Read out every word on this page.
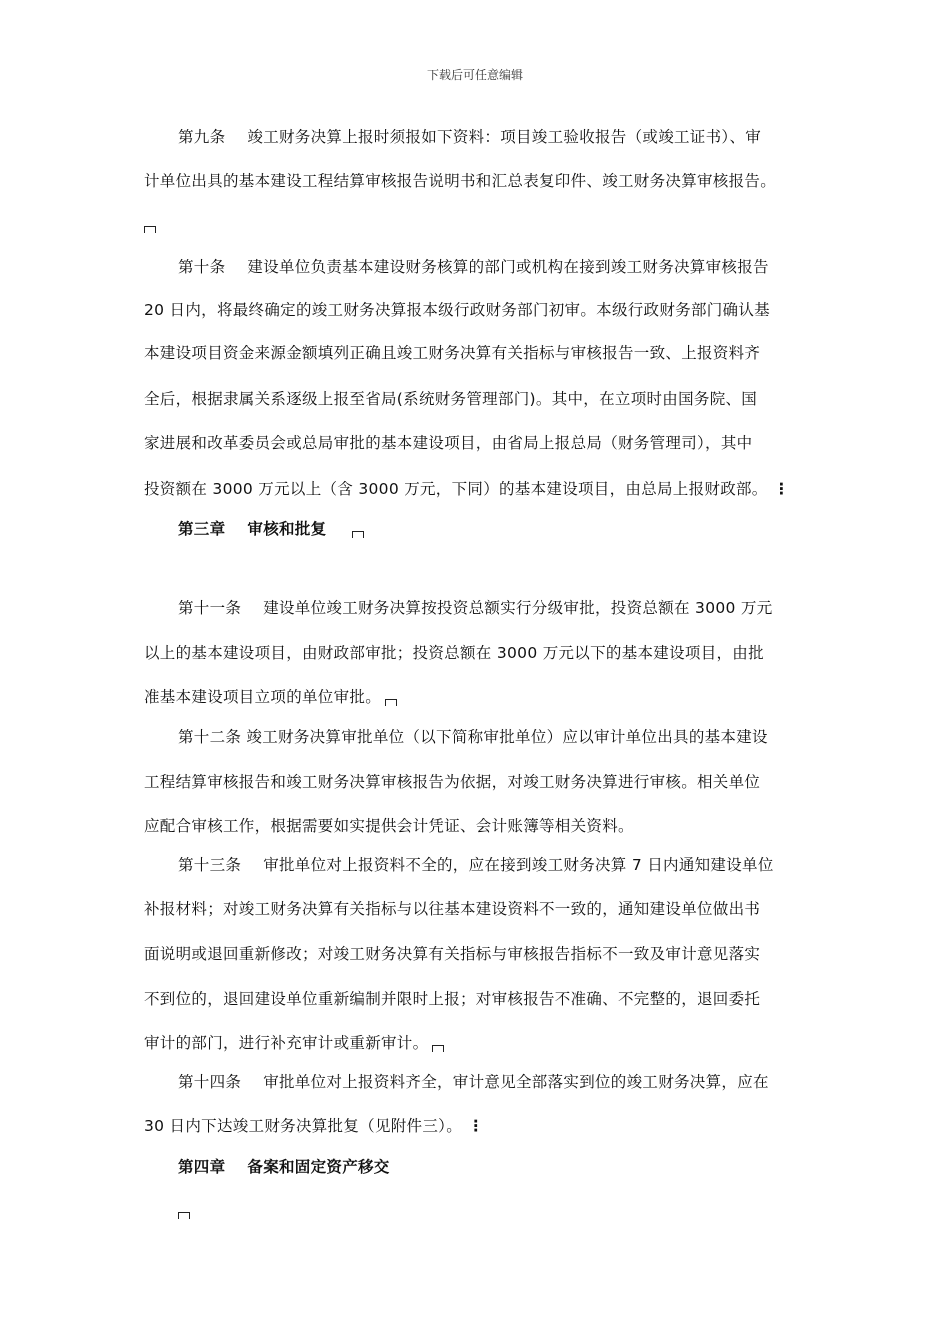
下载后可任意编辑
第九条 竣工财务决算上报时须报如下资料：项目竣工验收报告（或竣工证书）、审
计单位出具的基本建设工程结算审核报告说明书和汇总表复印件、竣工财务决算审核报告。
第十条 建设单位负责基本建设财务核算的部门或机构在接到竣工财务决算审核报告
20 日内，将最终确定的竣工财务决算报本级行政财务部门初审。本级行政财务部门确认基
本建设项目资金来源金额填列正确且竣工财务决算有关指标与审核报告一致、上报资料齐
全后，根据隶属关系逐级上报至省局(系统财务管理部门)。其中，在立项时由国务院、国
家进展和改革委员会或总局审批的基本建设项目，由省局上报总局（财务管理司），其中
投资额在 3000 万元以上（含 3000 万元，下同）的基本建设项目，由总局上报财政部。 ⋮
第三章 审核和批复
第十一条 建设单位竣工财务决算按投资总额实行分级审批，投资总额在 3000 万元
以上的基本建设项目，由财政部审批；投资总额在 3000 万元以下的基本建设项目，由批
准基本建设项目立项的单位审批。
第十二条 竣工财务决算审批单位（以下简称审批单位）应以审计单位出具的基本建设
工程结算审核报告和竣工财务决算审核报告为依据，对竣工财务决算进行审核。相关单位
应配合审核工作，根据需要如实提供会计凭证、会计账簿等相关资料。
第十三条 审批单位对上报资料不全的，应在接到竣工财务决算 7 日内通知建设单位
补报材料；对竣工财务决算有关指标与以往基本建设资料不一致的，通知建设单位做出书
面说明或退回重新修改；对竣工财务决算有关指标与审核报告指标不一致及审计意见落实
不到位的，退回建设单位重新编制并限时上报；对审核报告不准确、不完整的，退回委托
审计的部门，进行补充审计或重新审计。
第十四条 审批单位对上报资料齐全，审计意见全部落实到位的竣工财务决算，应在
30 日内下达竣工财务决算批复（见附件三）。 ⋮
第四章 备案和固定资产移交
